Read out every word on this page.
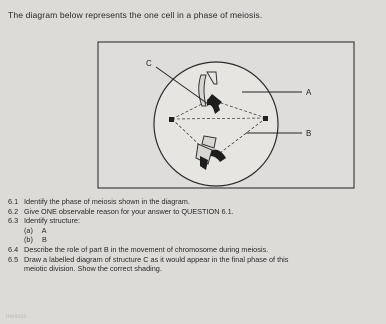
The diagram below represents the one cell in a phase of meiosis.
C
A
B
6.1 Identify the phase of meiosis shown in the diagram.
6.2 Give ONE observable reason for your answer to QUESTION 6.1.
6.3 Identify structure:
(a) A
(b) B
6.4 Describe the role of part B in the movement of chromosome during meiosis.
6.5 Draw a labelled diagram of structure C as it would appear in the final phase of this
meiotic division. Show the correct shading.
meiosis
